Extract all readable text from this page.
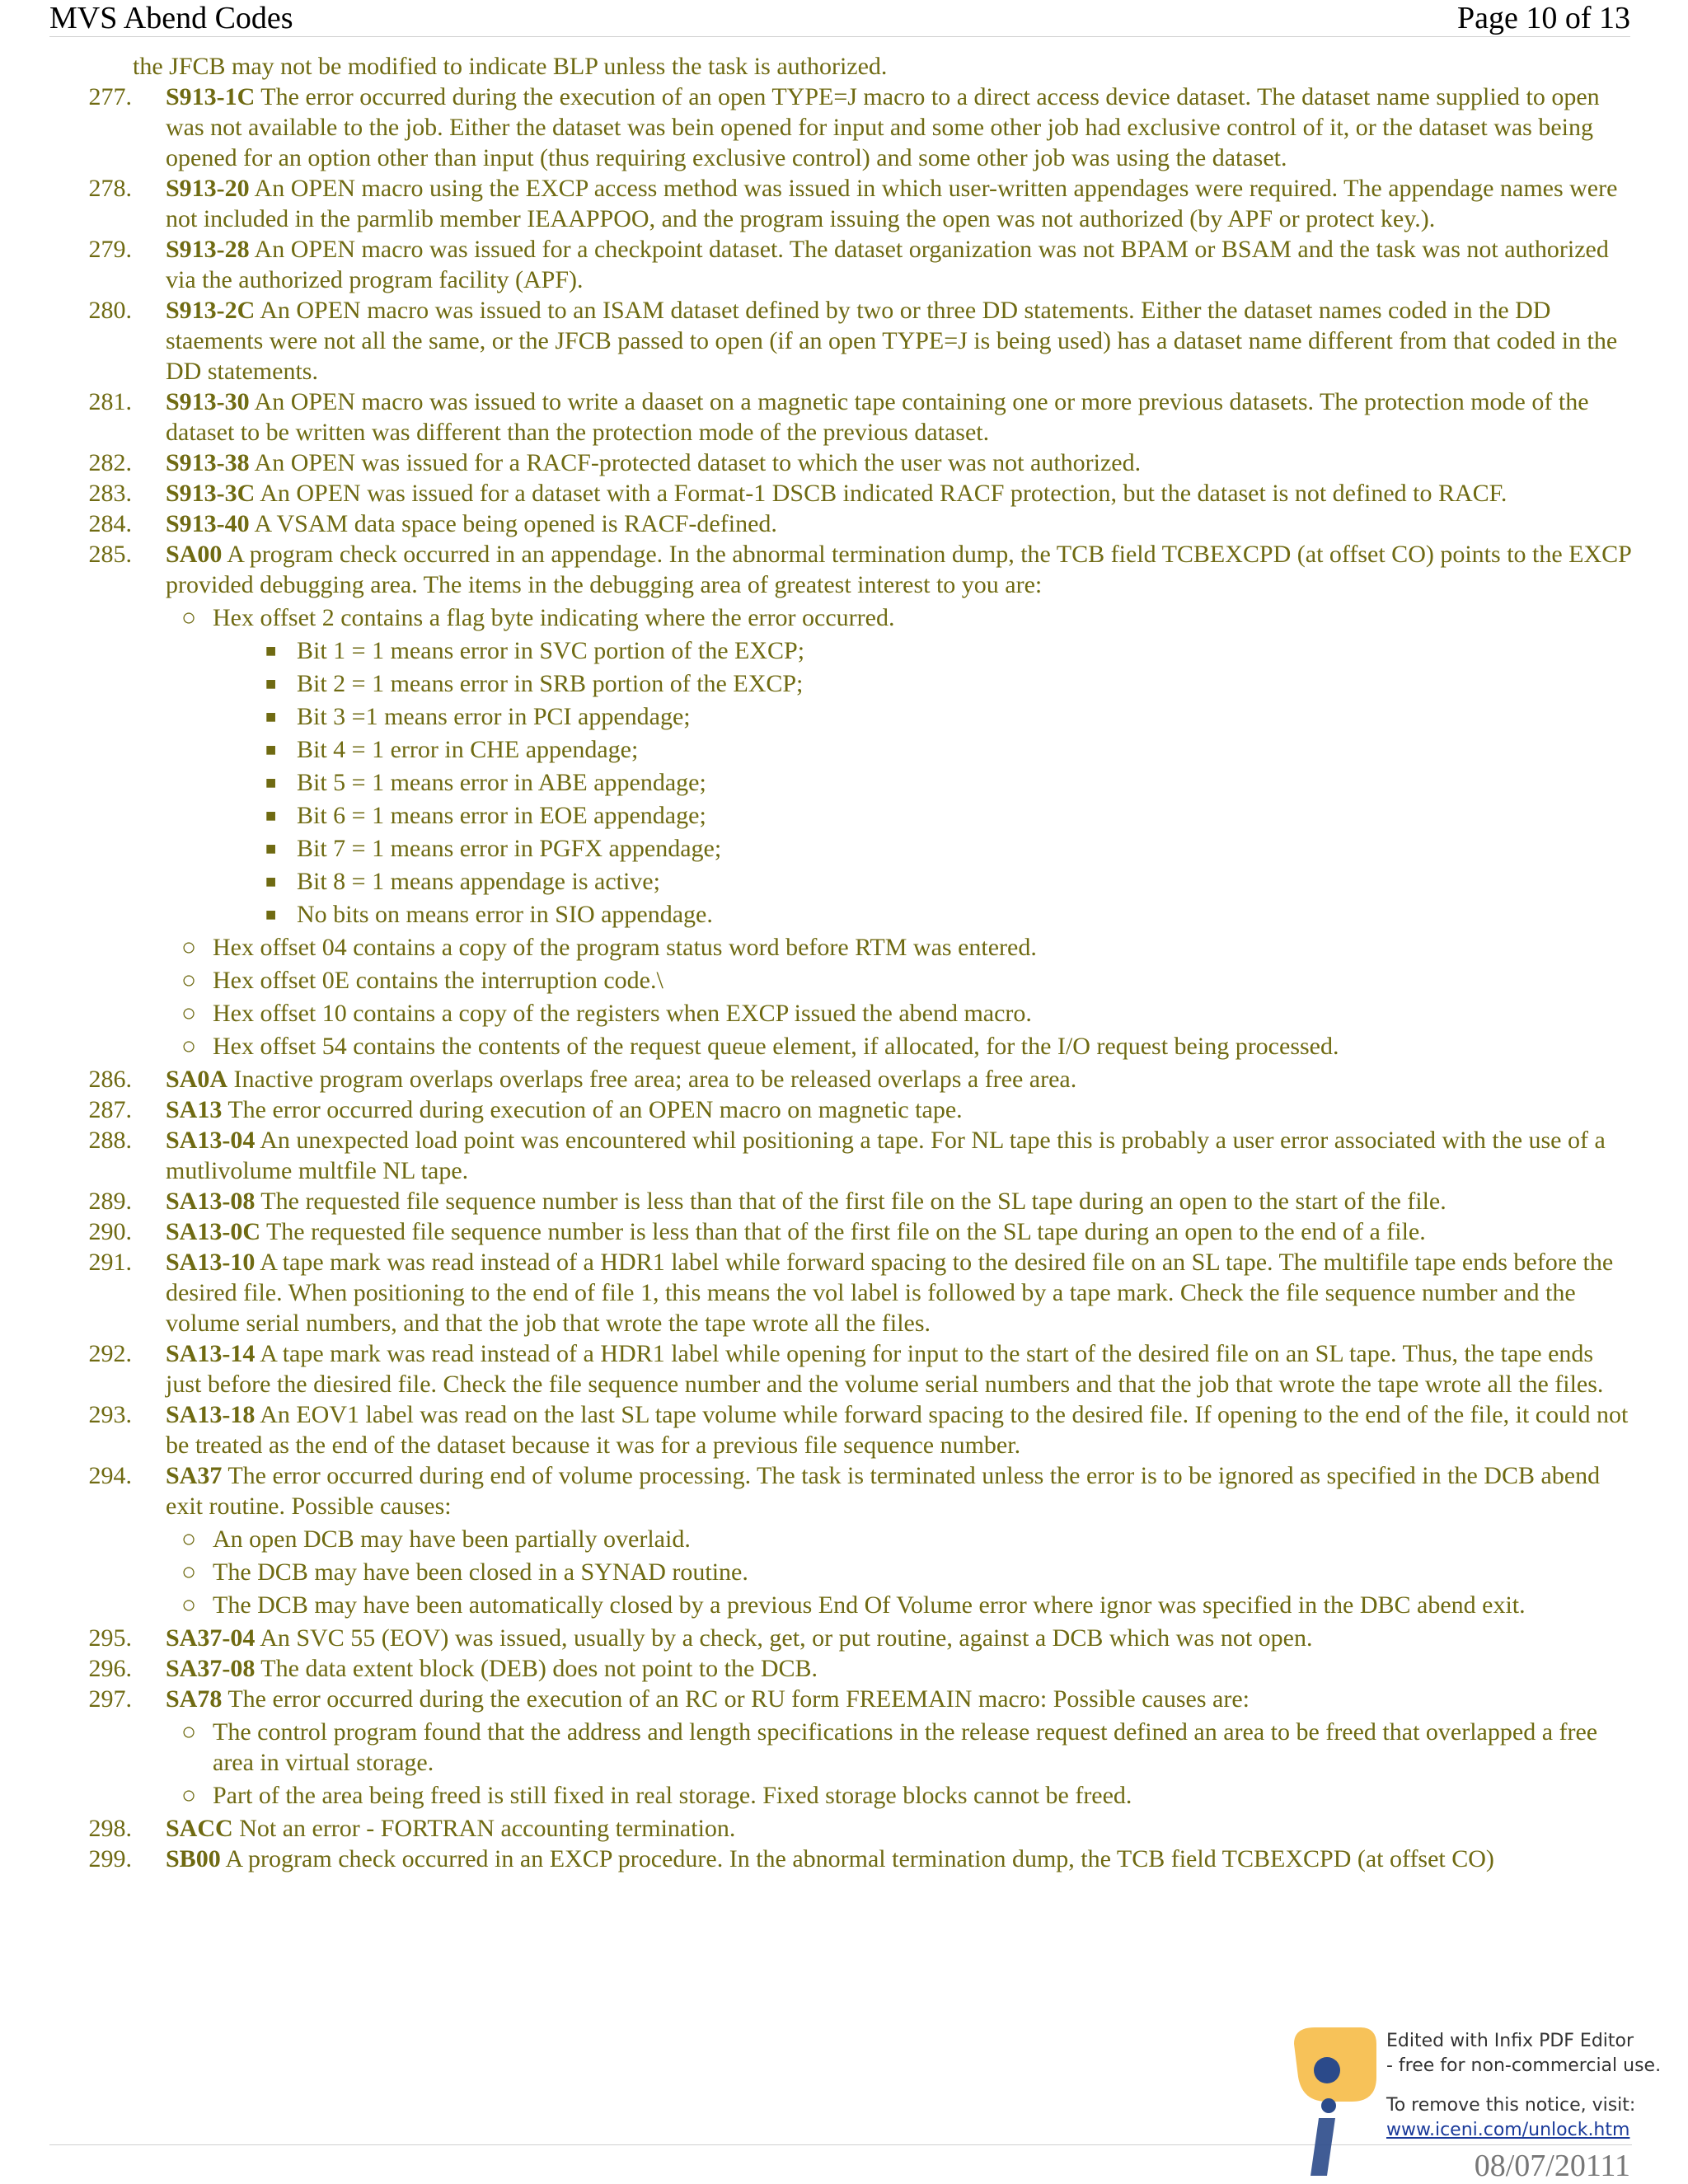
MVS Abend Codes	Page 10 of 13
the JFCB may not be modified to indicate BLP unless the task is authorized.
277.	S913-1C The error occurred during the execution of an open TYPE=J macro to a direct access device dataset. The dataset name supplied to open was not available to the job. Either the dataset was bein opened for input and some other job had exclusive control of it, or the dataset was being opened for an option other than input (thus requiring exclusive control) and some other job was using the dataset.
278.	S913-20 An OPEN macro using the EXCP access method was issued in which user-written appendages were required. The appendage names were not included in the parmlib member IEAAPPOO, and the program issuing the open was not authorized (by APF or protect key.).
279.	S913-28 An OPEN macro was issued for a checkpoint dataset. The dataset organization was not BPAM or BSAM and the task was not authorized via the authorized program facility (APF).
280.	S913-2C An OPEN macro was issued to an ISAM dataset defined by two or three DD statements. Either the dataset names coded in the DD staements were not all the same, or the JFCB passed to open (if an open TYPE=J is being used) has a dataset name different from that coded in the DD statements.
281.	S913-30 An OPEN macro was issued to write a daaset on a magnetic tape containing one or more previous datasets. The protection mode of the dataset to be written was different than the protection mode of the previous dataset.
282.	S913-38 An OPEN was issued for a RACF-protected dataset to which the user was not authorized.
283.	S913-3C An OPEN was issued for a dataset with a Format-1 DSCB indicated RACF protection, but the dataset is not defined to RACF.
284.	S913-40 A VSAM data space being opened is RACF-defined.
285.	SA00 A program check occurred in an appendage. In the abnormal termination dump, the TCB field TCBEXCPD (at offset CO) points to the EXCP provided debugging area. The items in the debugging area of greatest interest to you are:
○ Hex offset 2 contains a flag byte indicating where the error occurred.
■ Bit 1 = 1 means error in SVC portion of the EXCP;
■ Bit 2 = 1 means error in SRB portion of the EXCP;
■ Bit 3 =1 means error in PCI appendage;
■ Bit 4 = 1 error in CHE appendage;
■ Bit 5 = 1 means error in ABE appendage;
■ Bit 6 = 1 means error in EOE appendage;
■ Bit 7 = 1 means error in PGFX appendage;
■ Bit 8 = 1 means appendage is active;
■ No bits on means error in SIO appendage.
○ Hex offset 04 contains a copy of the program status word before RTM was entered.
○ Hex offset 0E contains the interruption code.\
○ Hex offset 10 contains a copy of the registers when EXCP issued the abend macro.
○ Hex offset 54 contains the contents of the request queue element, if allocated, for the I/O request being processed.
286.	SA0A Inactive program overlaps overlaps free area; area to be released overlaps a free area.
287.	SA13 The error occurred during execution of an OPEN macro on magnetic tape.
288.	SA13-04 An unexpected load point was encountered whil positioning a tape. For NL tape this is probably a user error associated with the use of a mutlivolume multfile NL tape.
289.	SA13-08 The requested file sequence number is less than that of the first file on the SL tape during an open to the start of the file.
290.	SA13-0C The requested file sequence number is less than that of the first file on the SL tape during an open to the end of a file.
291.	SA13-10 A tape mark was read instead of a HDR1 label while forward spacing to the desired file on an SL tape. The multifile tape ends before the desired file. When positioning to the end of file 1, this means the vol label is followed by a tape mark. Check the file sequence number and the volume serial numbers, and that the job that wrote the tape wrote all the files.
292.	SA13-14 A tape mark was read instead of a HDR1 label while opening for input to the start of the desired file on an SL tape. Thus, the tape ends just before the diesired file. Check the file sequence number and the volume serial numbers and that the job that wrote the tape wrote all the files.
293.	SA13-18 An EOV1 label was read on the last SL tape volume while forward spacing to the desired file. If opening to the end of the file, it could not be treated as the end of the dataset because it was for a previous file sequence number.
294.	SA37 The error occurred during end of volume processing. The task is terminated unless the error is to be ignored as specified in the DCB abend exit routine. Possible causes:
○ An open DCB may have been partially overlaid.
○ The DCB may have been closed in a SYNAD routine.
○ The DCB may have been automatically closed by a previous End Of Volume error where ignor was specified in the DBC abend exit.
295.	SA37-04 An SVC 55 (EOV) was issued, usually by a check, get, or put routine, against a DCB which was not open.
296.	SA37-08 The data extent block (DEB) does not point to the DCB.
297.	SA78 The error occurred during the execution of an RC or RU form FREEMAIN macro: Possible causes are:
○ The control program found that the address and length specifications in the release request defined an area to be freed that overlapped a free area in virtual storage.
○ Part of the area being freed is still fixed in real storage. Fixed storage blocks cannot be freed.
298.	SACC Not an error - FORTRAN accounting termination.
299.	SB00 A program check occurred in an EXCP procedure. In the abnormal termination dump, the TCB field TCBEXCPD (at offset CO)
Edited with Infix PDF Editor
- free for non-commercial use.
To remove this notice, visit:
www.iceni.com/unlock.htm
08/07/20111
